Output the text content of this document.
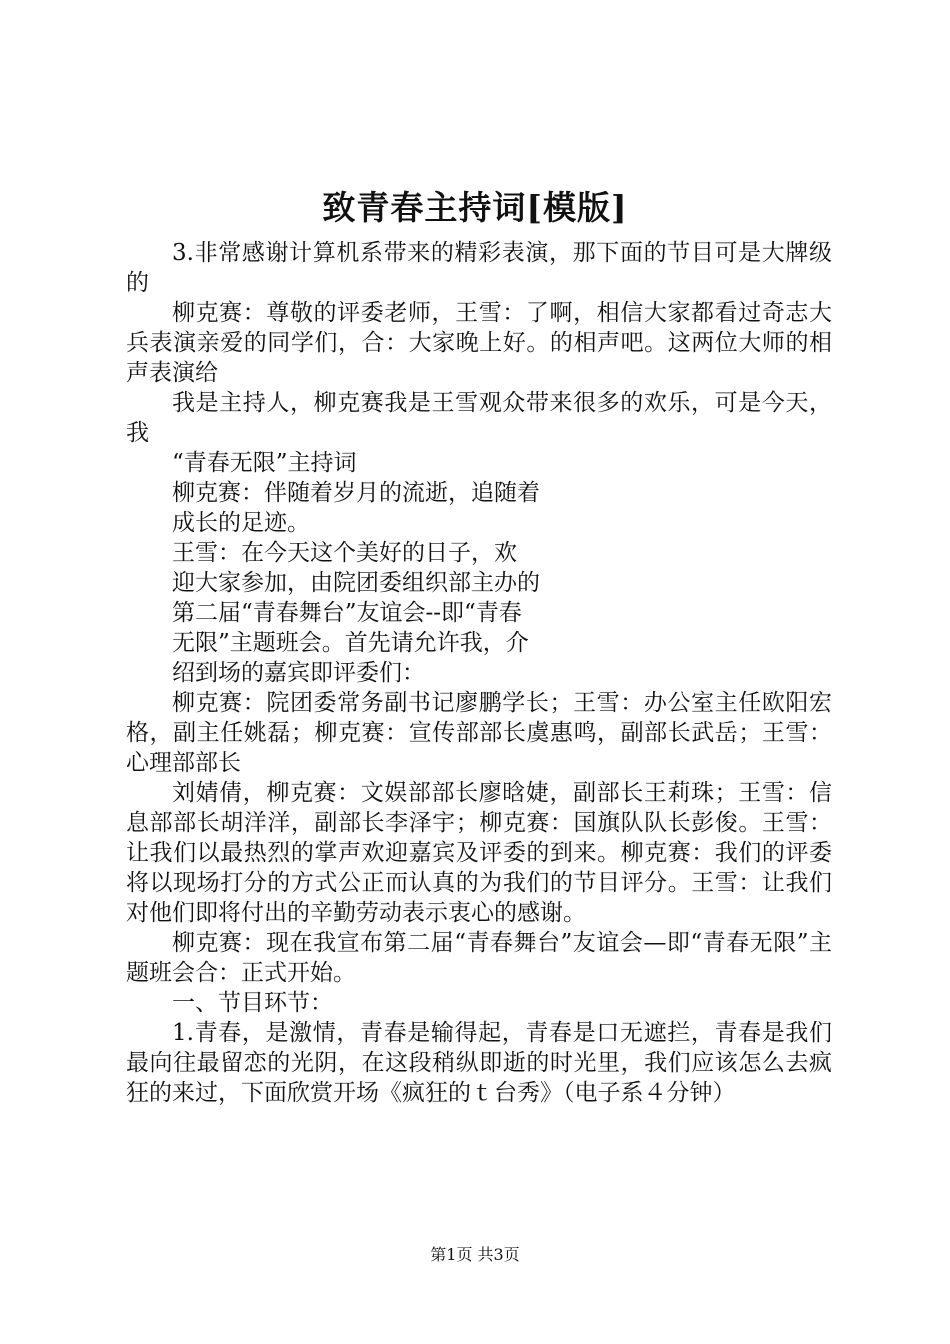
致青春主持词[模版]

3.非常感谢计算机系带来的精彩表演，那下面的节目可是大牌级的

柳克赛：尊敬的评委老师，王雪：了啊，相信大家都看过奇志大兵表演亲爱的同学们，合：大家晚上好。的相声吧。这两位大师的相声表演给

我是主持人，柳克赛我是王雪观众带来很多的欢乐，可是今天，我

“青春无限”主持词

柳克赛：伴随着岁月的流逝，追随着

成长的足迹。

王雪：在今天这个美好的日子，欢

迎大家参加，由院团委组织部主办的

第二届“青春舞台”友谊会--即“青春

无限”主题班会。首先请允许我，介

绍到场的嘉宾即评委们：

柳克赛：院团委常务副书记廖鹏学长；王雪：办公室主任欧阳宏格，副主任姚磊；柳克赛：宣传部部长虞惠鸣，副部长武岳；王雪：心理部部长

刘婧倩，柳克赛：文娱部部长廖晗婕，副部长王莉珠；王雪：信息部部长胡洋洋，副部长李泽宇；柳克赛：国旗队队长彭俊。王雪：让我们以最热烈的掌声欢迎嘉宾及评委的到来。柳克赛：我们的评委将以现场打分的方式公正而认真的为我们的节目评分。王雪：让我们对他们即将付出的辛勤劳动表示衷心的感谢。

柳克赛：现在我宣布第二届“青春舞台”友谊会—即“青春无限”主题班会合：正式开始。

一、节目环节：

1.青春，是激情，青春是输得起，青春是口无遮拦，青春是我们最向往最留恋的光阴，在这段稍纵即逝的时光里，我们应该怎么去疯狂的来过，下面欣赏开场《疯狂的ｔ台秀》（电子系４分钟）

第1页 共3页
